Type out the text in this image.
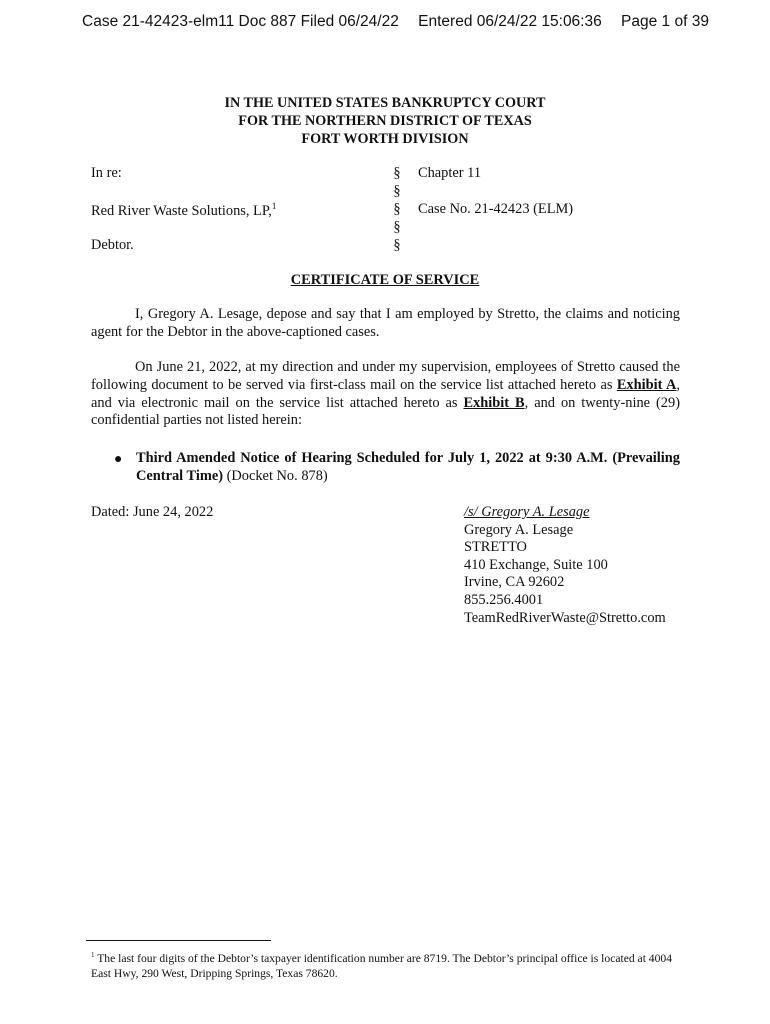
Case 21-42423-elm11 Doc 887 Filed 06/24/22 Entered 06/24/22 15:06:36 Page 1 of 39
IN THE UNITED STATES BANKRUPTCY COURT
FOR THE NORTHERN DISTRICT OF TEXAS
FORT WORTH DIVISION
In re:
Red River Waste Solutions, LP,$^1$
Debtor.
§
§
§
§
§
Chapter 11
Case No. 21-42423 (ELM)
CERTIFICATE OF SERVICE
I, Gregory A. Lesage, depose and say that I am employed by Stretto, the claims and noticing agent for the Debtor in the above-captioned cases.
On June 21, 2022, at my direction and under my supervision, employees of Stretto caused the following document to be served via first-class mail on the service list attached hereto as Exhibit A, and via electronic mail on the service list attached hereto as Exhibit B, and on twenty-nine (29) confidential parties not listed herein:
● Third Amended Notice of Hearing Scheduled for July 1, 2022 at 9:30 A.M. (Prevailing Central Time) (Docket No. 878)
Dated: June 24, 2022	/s/ Gregory A. Lesage
Gregory A. Lesage
STRETTO
410 Exchange, Suite 100
Irvine, CA 92602
855.256.4001
TeamRedRiverWaste@Stretto.com
$^1$ The last four digits of the Debtor’s taxpayer identification number are 8719. The Debtor’s principal office is located at 4004 East Hwy, 290 West, Dripping Springs, Texas 78620.
